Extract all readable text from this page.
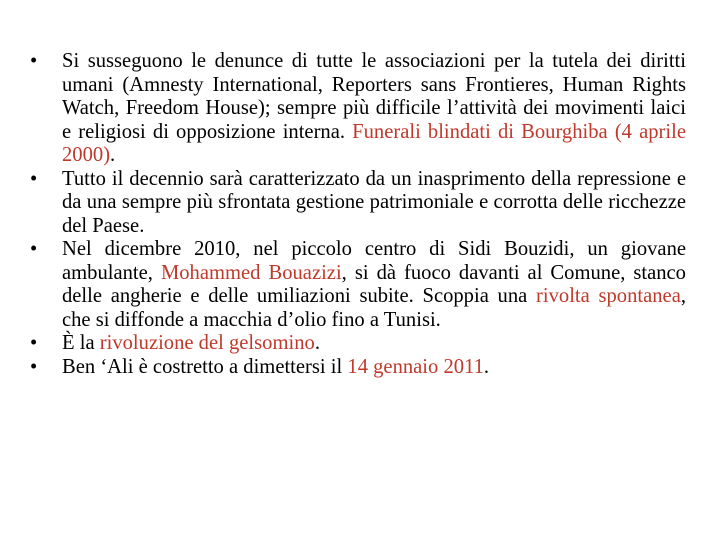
•	Si susseguono le denunce di tutte le associazioni per la tutela dei diritti umani (Amnesty International, Reporters sans Frontieres, Human Rights Watch, Freedom House); sempre più difficile l’attività dei movimenti laici e religiosi di opposizione interna. Funerali blindati di Bourghiba (4 aprile 2000).
•	Tutto il decennio sarà caratterizzato da un inasprimento della repressione e da una sempre più sfrontata gestione patrimoniale e corrotta delle ricchezze del Paese.
•	Nel dicembre 2010, nel piccolo centro di Sidi Bouzidi, un giovane ambulante, Mohammed Bouazizi, si dà fuoco davanti al Comune, stanco delle angherie e delle umiliazioni subite. Scoppia una rivolta spontanea, che si diffonde a macchia d’olio fino a Tunisi.
•	È la rivoluzione del gelsomino.
•	Ben ‘Ali è costretto a dimettersi il 14 gennaio 2011.
